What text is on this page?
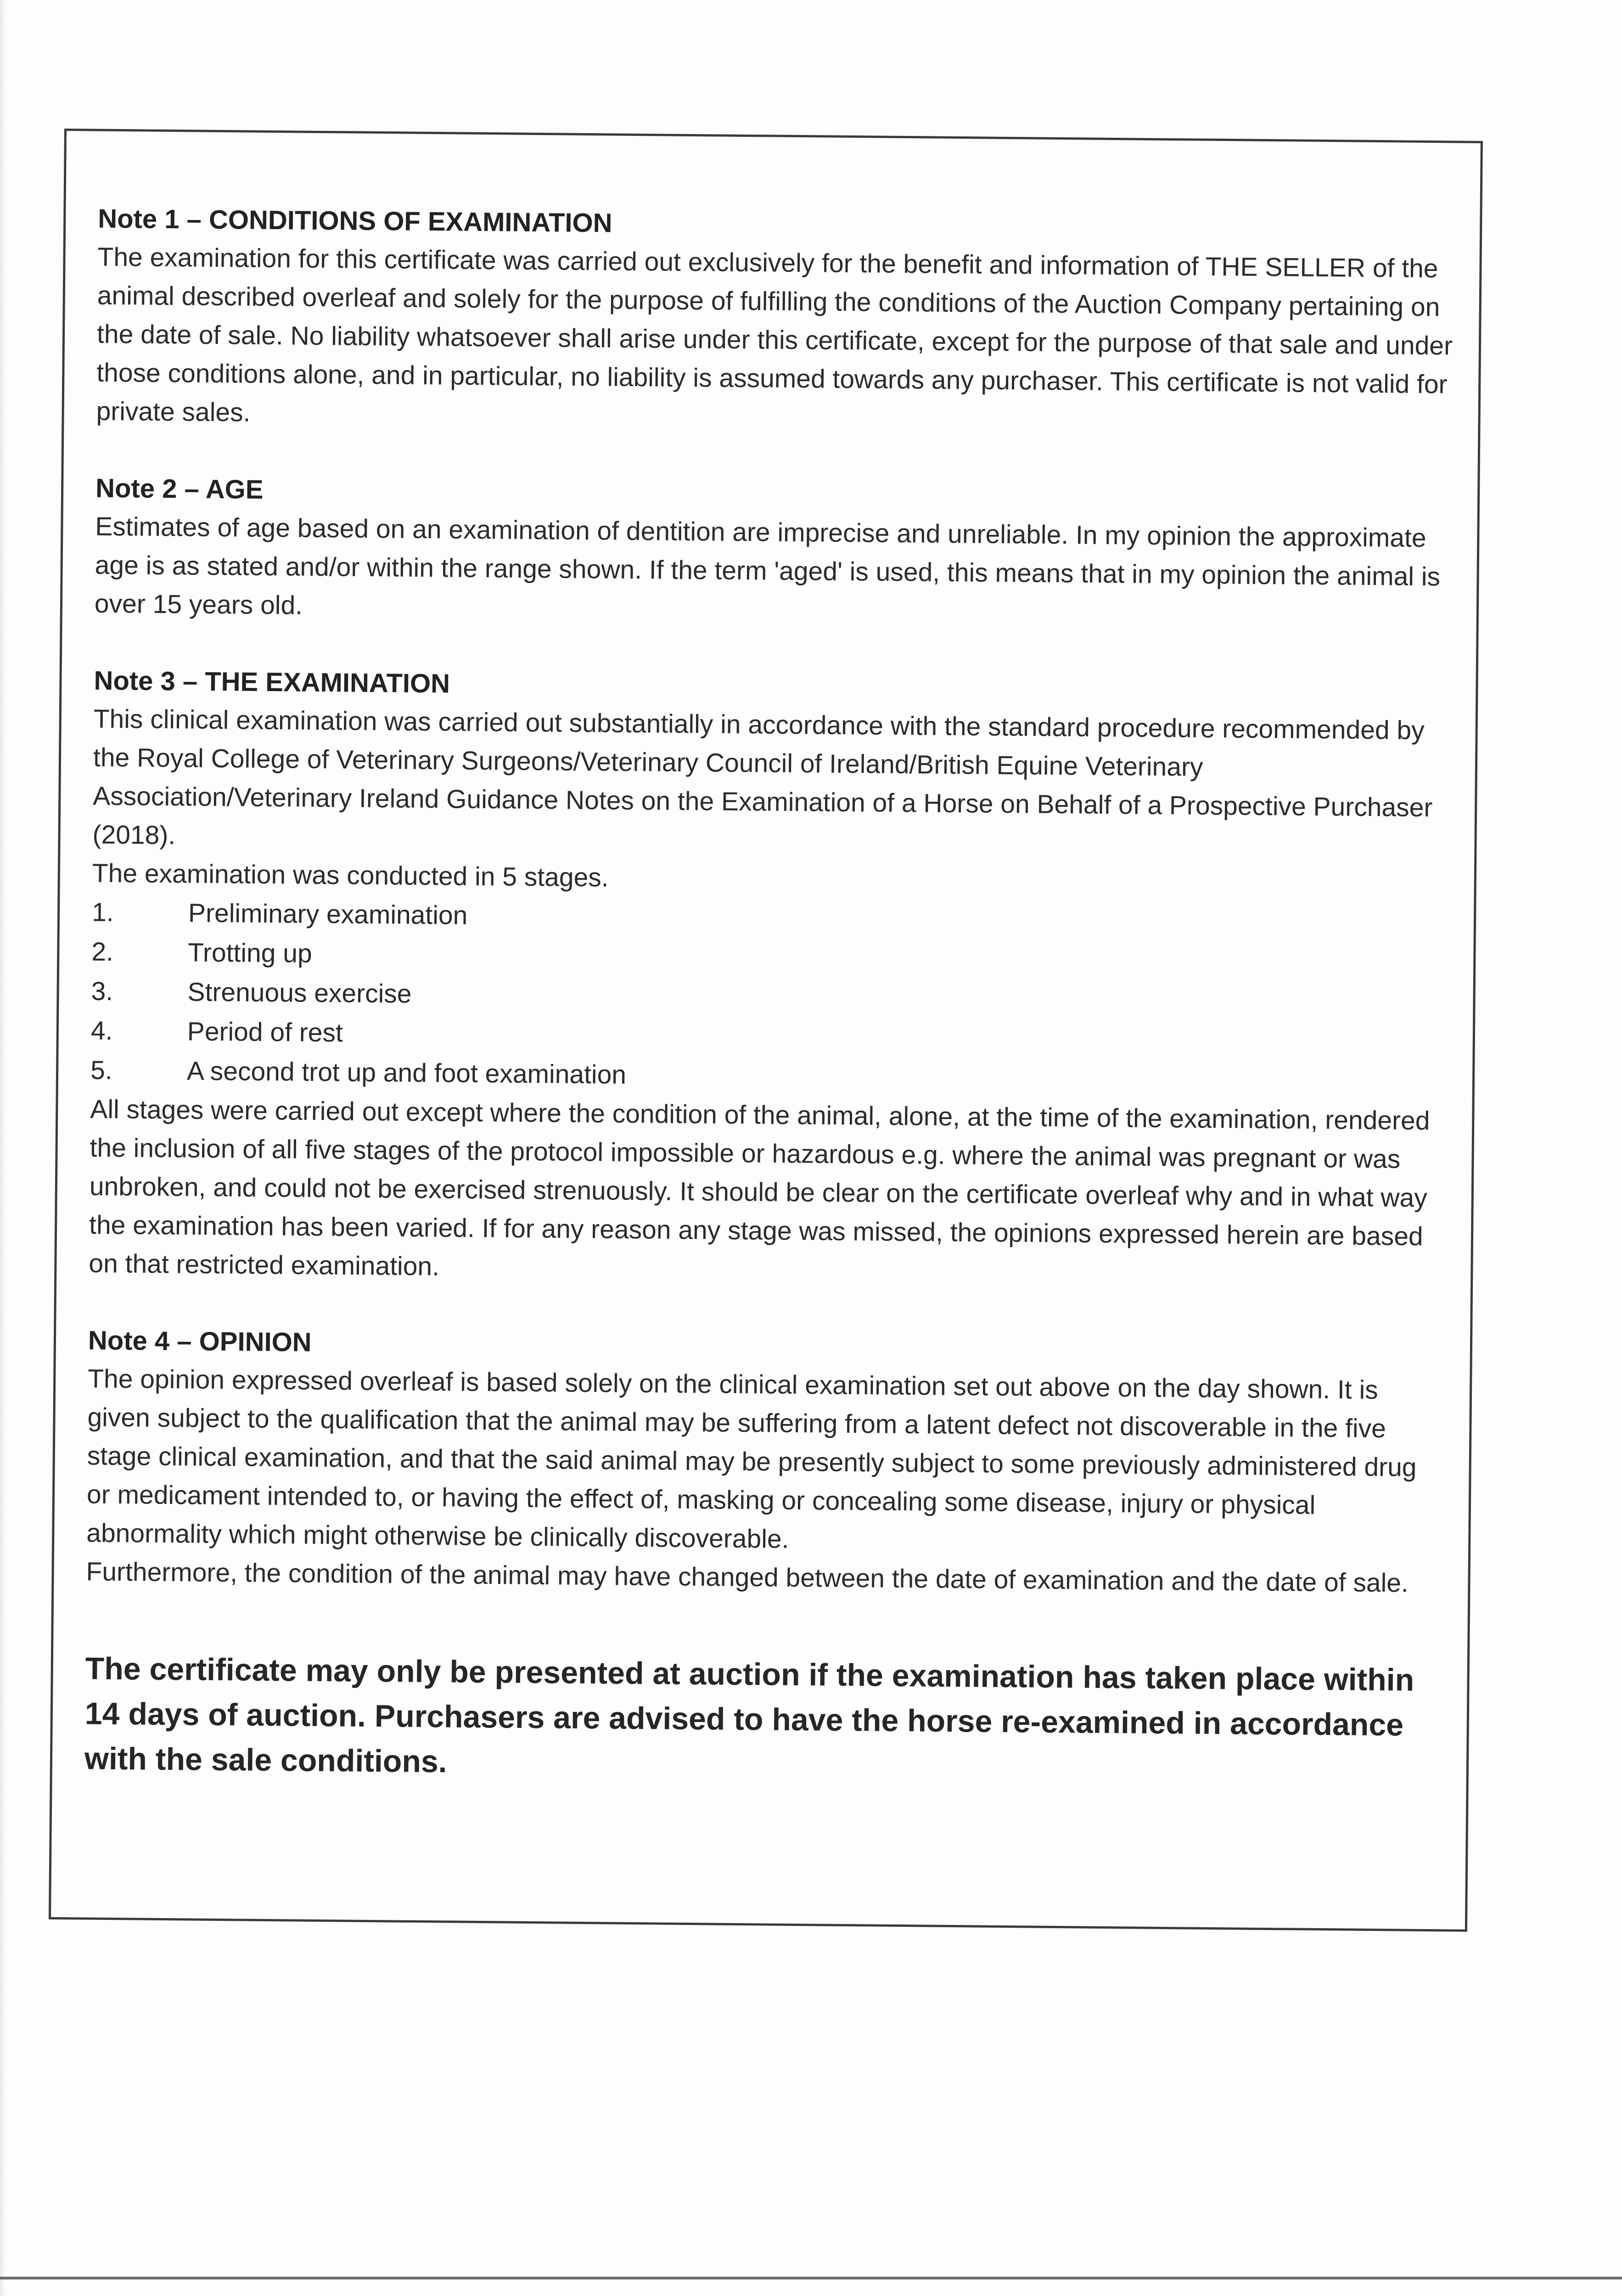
Note 1 – CONDITIONS OF EXAMINATION

The examination for this certificate was carried out exclusively for the benefit and information of THE SELLER of the animal described overleaf and solely for the purpose of fulfilling the conditions of the Auction Company pertaining on the date of sale. No liability whatsoever shall arise under this certificate, except for the purpose of that sale and under those conditions alone, and in particular, no liability is assumed towards any purchaser. This certificate is not valid for private sales.

Note 2 – AGE

Estimates of age based on an examination of dentition are imprecise and unreliable. In my opinion the approximate age is as stated and/or within the range shown. If the term 'aged' is used, this means that in my opinion the animal is over 15 years old.

Note 3 – THE EXAMINATION

This clinical examination was carried out substantially in accordance with the standard procedure recommended by the Royal College of Veterinary Surgeons/Veterinary Council of Ireland/British Equine Veterinary Association/Veterinary Ireland Guidance Notes on the Examination of a Horse on Behalf of a Prospective Purchaser (2018).

The examination was conducted in 5 stages.

1.	Preliminary examination
2.	Trotting up
3.	Strenuous exercise
4.	Period of rest
5.	A second trot up and foot examination

All stages were carried out except where the condition of the animal, alone, at the time of the examination, rendered the inclusion of all five stages of the protocol impossible or hazardous e.g. where the animal was pregnant or was unbroken, and could not be exercised strenuously. It should be clear on the certificate overleaf why and in what way the examination has been varied. If for any reason any stage was missed, the opinions expressed herein are based on that restricted examination.

Note 4 – OPINION

The opinion expressed overleaf is based solely on the clinical examination set out above on the day shown. It is given subject to the qualification that the animal may be suffering from a latent defect not discoverable in the five stage clinical examination, and that the said animal may be presently subject to some previously administered drug or medicament intended to, or having the effect of, masking or concealing some disease, injury or physical abnormality which might otherwise be clinically discoverable.

Furthermore, the condition of the animal may have changed between the date of examination and the date of sale.

The certificate may only be presented at auction if the examination has taken place within 14 days of auction. Purchasers are advised to have the horse re-examined in accordance with the sale conditions.
